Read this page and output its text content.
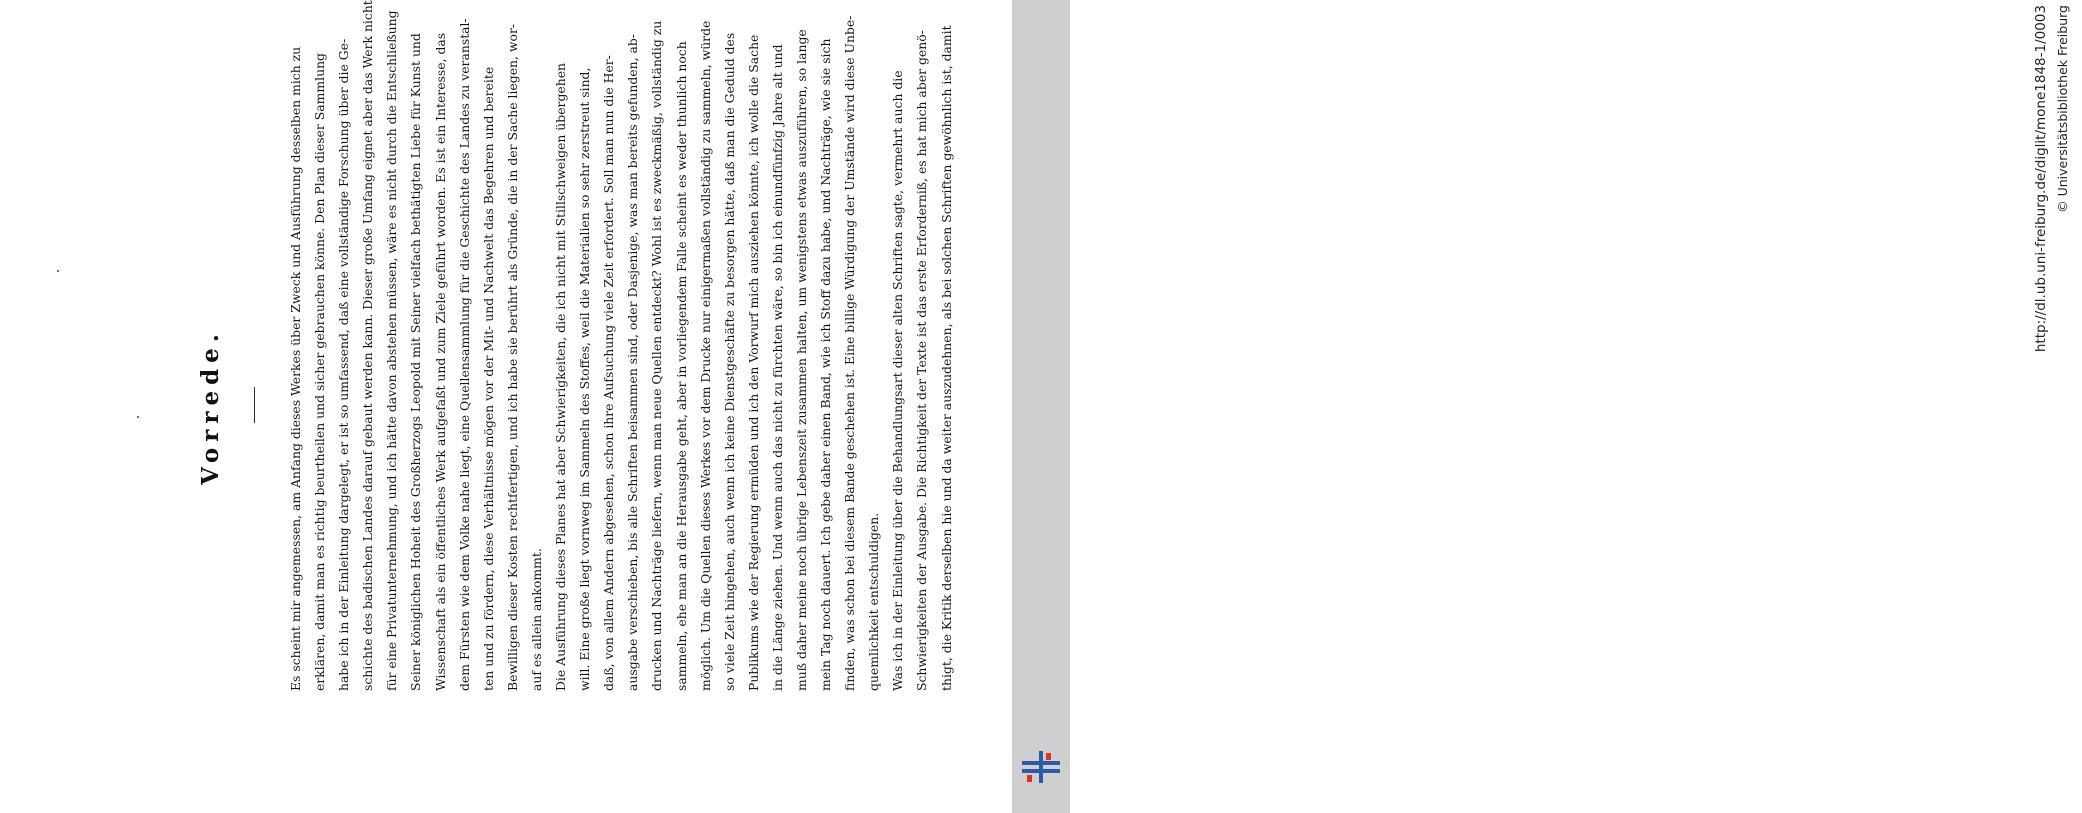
Vorrede.	Es scheint mir angemessen, am Anfang dieses Werkes über Zweck und Ausführung desselben mich zu erklären, damit man es richtig beurtheilen und sicher gebrauchen könne. Den Plan dieser Sammlung habe ich in der Einleitung dargelegt, er ist so umfassend, daß eine vollständige Forschung über die Ge- schichte des badischen Landes darauf gebaut werden kann. Dieser große Umfang eignet aber das Werk nicht für eine Privatunternehmung, und ich hätte davon abstehen müssen, wäre es nicht durch die Entschließung Seiner königlichen Hoheit des Großherzogs Leopold mit Seiner vielfach bethätigten Liebe für Kunst und Wissenschaft als ein öffentliches Werk aufgefaßt und zum Ziele geführt worden. Es ist ein Interesse, das dem Fürsten wie dem Volke nahe liegt, eine Quellensammlung für die Geschichte des Landes zu veranstal- ten und zu fördern, diese Verhältnisse mögen vor der Mit- und Nachwelt das Begehren und bereite Bewilligen dieser Kosten rechtfertigen, und ich habe sie berührt als Gründe, die in der Sache liegen, wor- auf es allein ankommt. Die Ausführung dieses Planes hat aber Schwierigkeiten, die ich nicht mit Stillschweigen übergehen will. Eine große liegt vornweg im Sammeln des Stoffes, weil die Materialien so sehr zerstreut sind, daß, von allem Andern abgesehen, schon ihre Aufsuchung viele Zeit erfordert. Soll man nun die Her- ausgabe verschieben, bis alle Schriften beisammen sind, oder Dasjenige, was man bereits gefunden, ab- drucken und Nachträge liefern, wenn man neue Quellen entdeckt? Wohl ist es zweckmäßig, vollständig zu sammeln, ehe man an die Herausgabe geht, aber in vorliegendem Falle scheint es weder thunlich noch möglich. Um die Quellen dieses Werkes vor dem Drucke nur einigermaßen vollständig zu sammeln, würde so viele Zeit hingehen, auch wenn ich keine Dienstgeschäfte zu besorgen hätte, daß man die Geduld des Publikums wie der Regierung ermüden und ich den Vorwurf mich ausziehen könnte, ich wolle die Sache in die Länge ziehen. Und wenn auch das nicht zu fürchten wäre, so bin ich einundfünfzig Jahre alt und muß daher meine noch übrige Lebenszeit zusammen halten, um wenigstens etwas auszuführen, so lange mein Tag noch dauert. Ich gebe daher einen Band, wie ich Stoff dazu habe, und Nachträge, wie sie sich finden, was schon bei diesem Bande geschehen ist. Eine billige Würdigung der Umstände wird diese Unbe- quemlichkeit entschuldigen. Was ich in der Einleitung über die Behandlungsart dieser alten Schriften sagte, vermehrt auch die Schwierigkeiten der Ausgabe. Die Richtigkeit der Texte ist das erste Erforderniß, es hat mich aber genö- thigt, die Kritik derselben hie und da weiter auszudehnen, als bei solchen Schriften gewöhnlich ist, damit	http://dl.ub.uni-freiburg.de/diglit/mone1848-1/0003 © Universitätsbibliothek Freiburg
